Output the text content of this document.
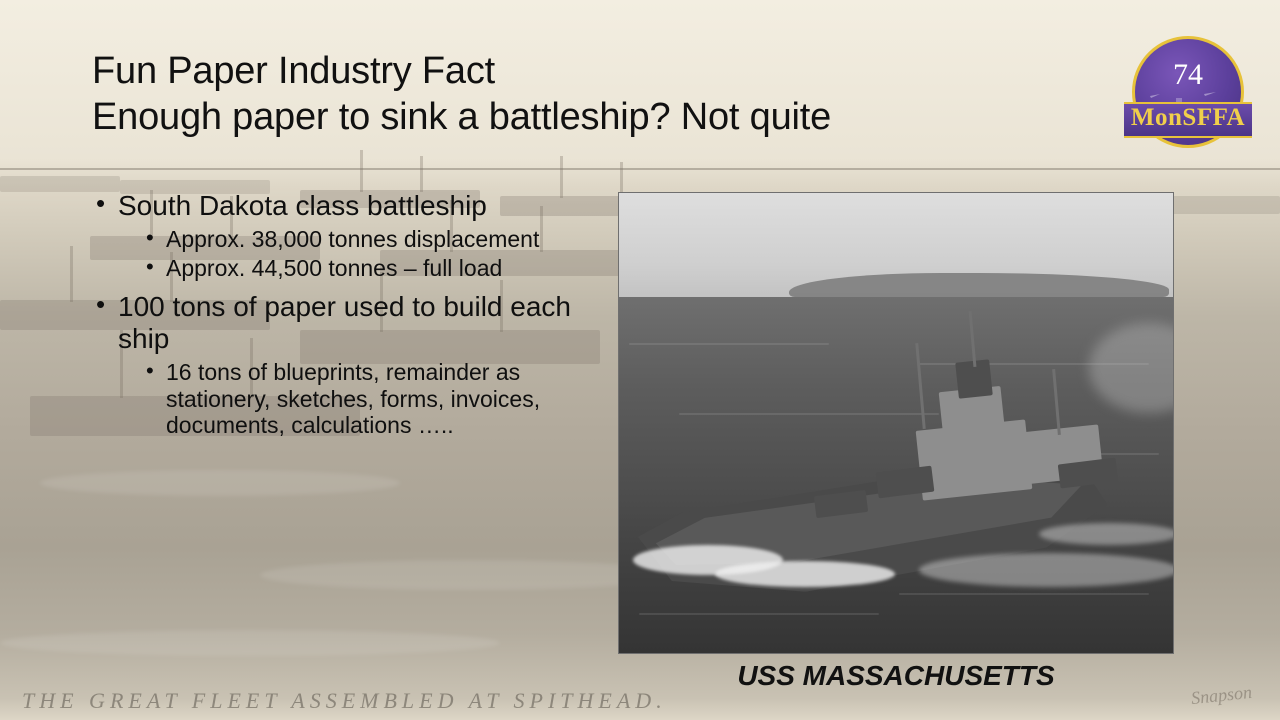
THE GREAT FLEET ASSEMBLED AT SPITHEAD.	Snapson
Fun Paper Industry Fact
Enough paper to sink a battleship? Not quite
74
MonSFFA
• South Dakota class battleship
• Approx. 38,000 tonnes displacement
• Approx. 44,500 tonnes – full load
• 100 tons of paper used to build each ship
• 16 tons of blueprints, remainder as stationery, sketches, forms, invoices, documents, calculations …..
USS MASSACHUSETTS
